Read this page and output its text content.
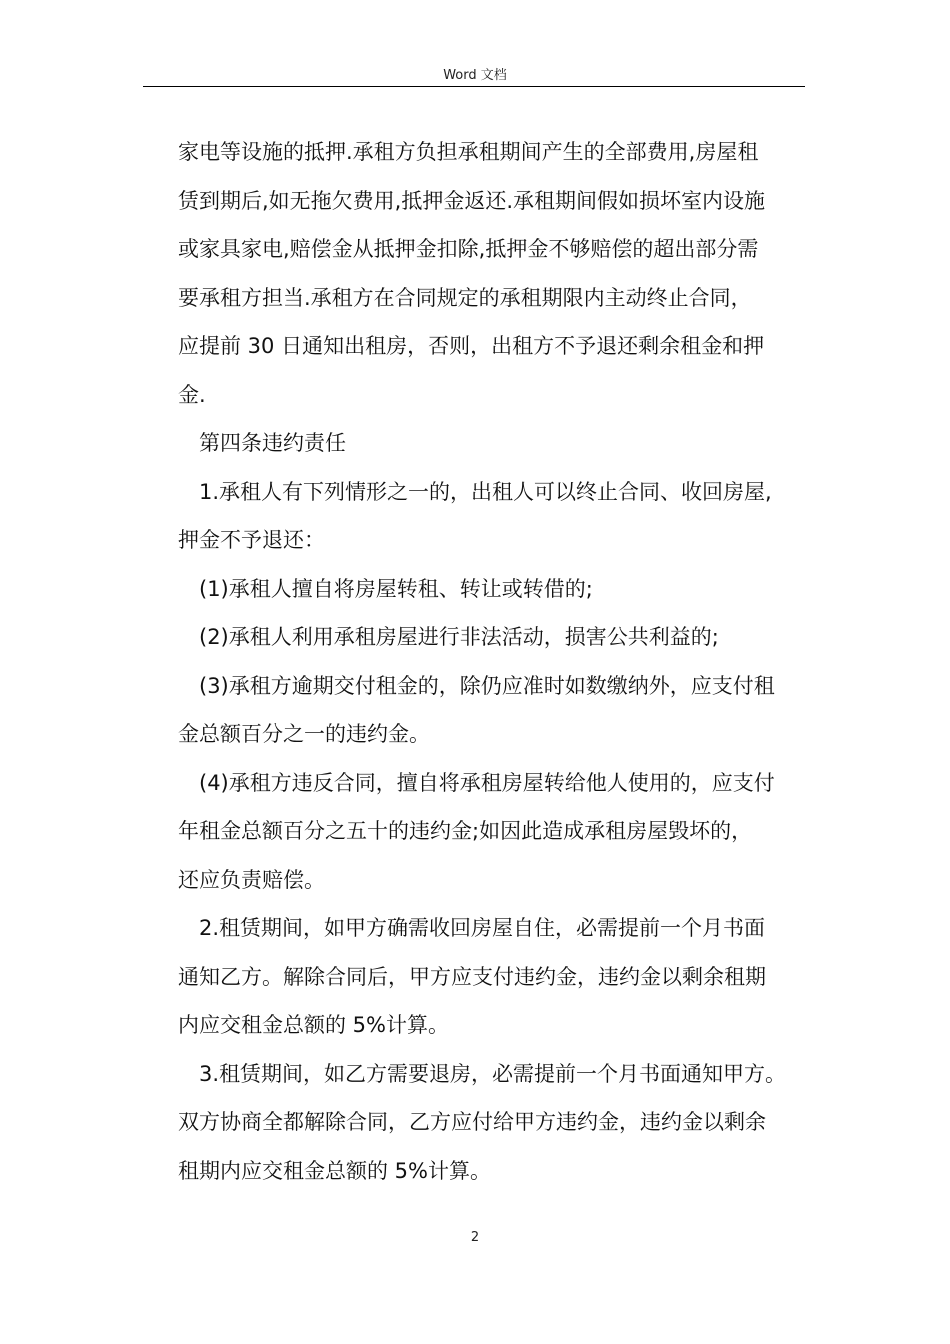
Word 文档
家电等设施的抵押.承租方负担承租期间产生的全部费用,房屋租
赁到期后,如无拖欠费用,抵押金返还.承租期间假如损坏室内设施
或家具家电,赔偿金从抵押金扣除,抵押金不够赔偿的超出部分需
要承租方担当.承租方在合同规定的承租期限内主动终止合同，
应提前 30 日通知出租房，否则，出租方不予退还剩余租金和押
金.
第四条违约责任
1.承租人有下列情形之一的，出租人可以终止合同、收回房屋,
押金不予退还：
(1)承租人擅自将房屋转租、转让或转借的;
(2)承租人利用承租房屋进行非法活动，损害公共利益的;
(3)承租方逾期交付租金的，除仍应准时如数缴纳外，应支付租
金总额百分之一的违约金。
(4)承租方违反合同，擅自将承租房屋转给他人使用的，应支付
年租金总额百分之五十的违约金;如因此造成承租房屋毁坏的，
还应负责赔偿。
2.租赁期间，如甲方确需收回房屋自住，必需提前一个月书面
通知乙方。解除合同后，甲方应支付违约金，违约金以剩余租期
内应交租金总额的 5%计算。
3.租赁期间，如乙方需要退房，必需提前一个月书面通知甲方。
双方协商全都解除合同，乙方应付给甲方违约金，违约金以剩余
租期内应交租金总额的 5%计算。
2
